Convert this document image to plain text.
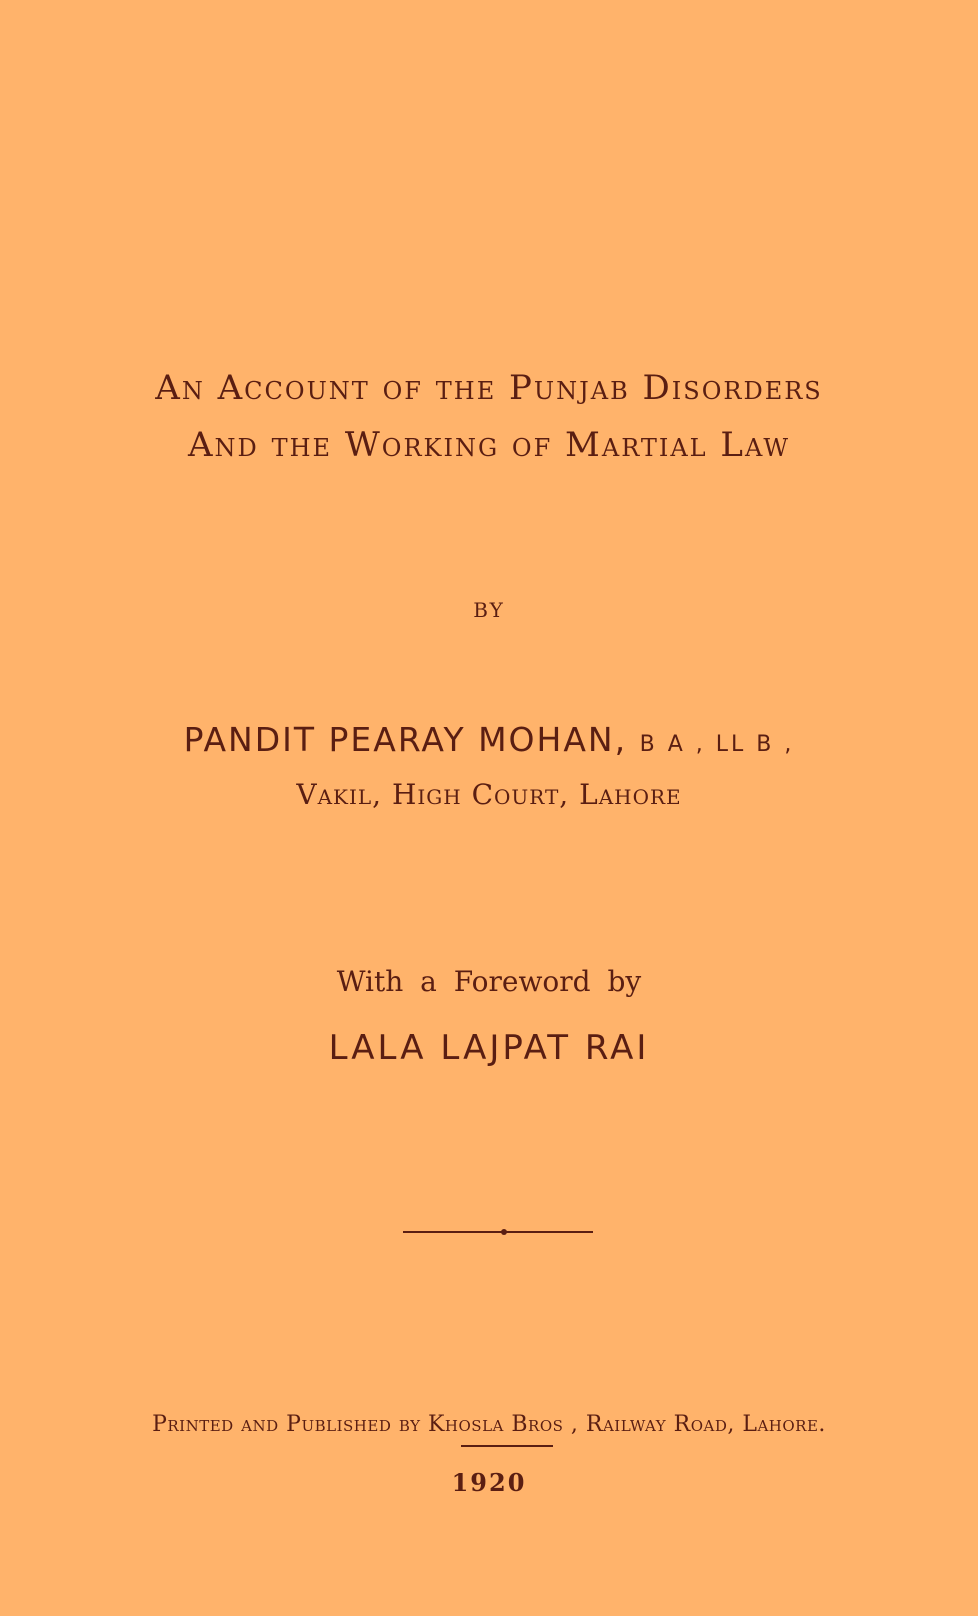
An Account of the Punjab Disorders
And the Working of Martial Law
BY
PANDIT PEARAY MOHAN, B A , LL B ,
Vakil, High Court, Lahore
With a Foreword by
LALA LAJPAT RAI
Printed and Published by Khosla Bros , Railway Road, Lahore.
1920
